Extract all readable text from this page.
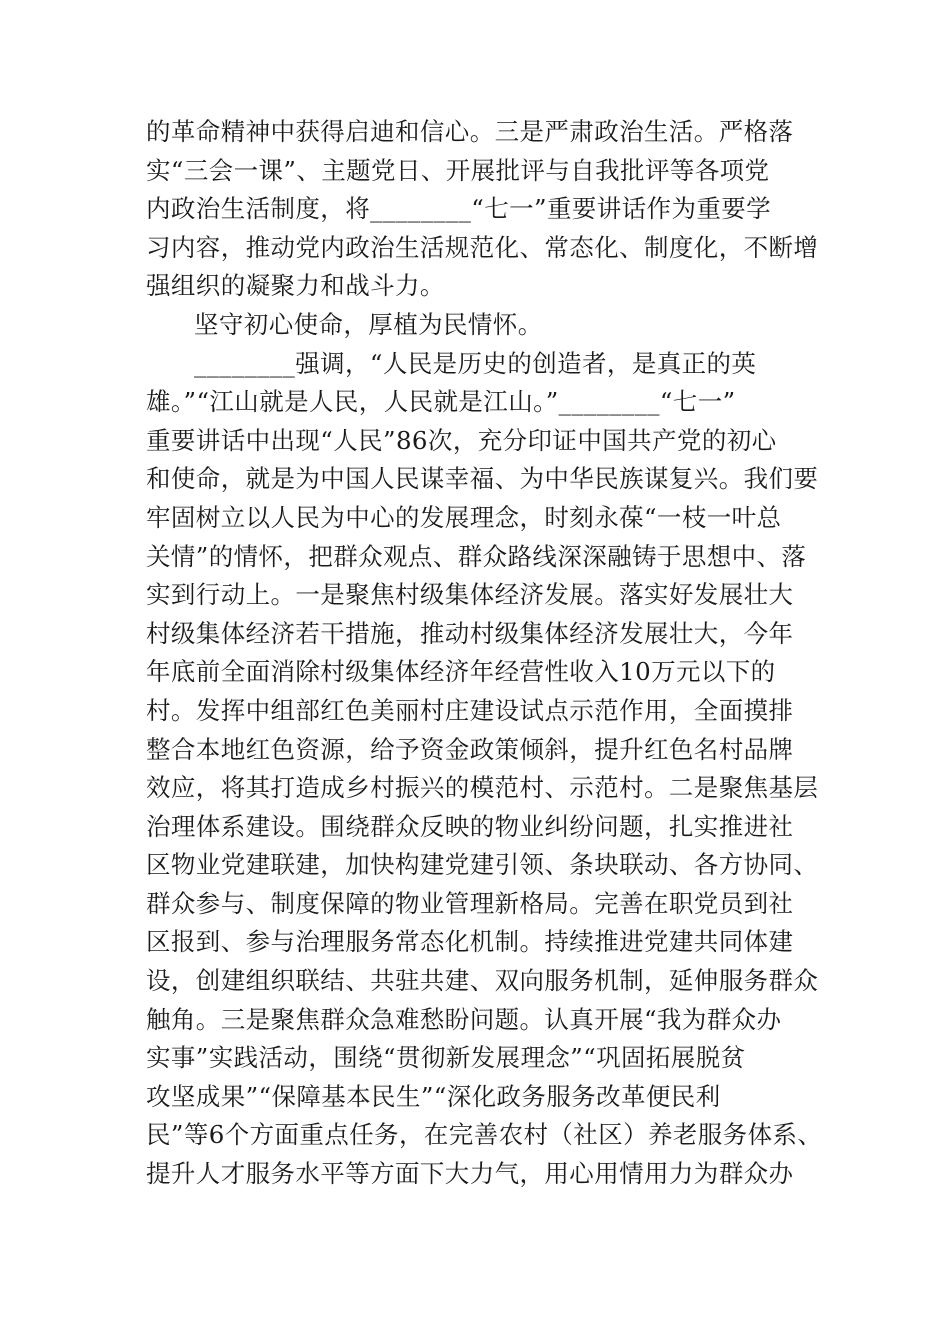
的革命精神中获得启迪和信心。三是严肃政治生活。严格落
实“三会一课”、主题党日、开展批评与自我批评等各项党
内政治生活制度，将________“七一”重要讲话作为重要学
习内容，推动党内政治生活规范化、常态化、制度化，不断增
强组织的凝聚力和战斗力。
坚守初心使命，厚植为民情怀。
________强调，“人民是历史的创造者，是真正的英
雄。”“江山就是人民，人民就是江山。”________“七一”
重要讲话中出现“人民”86次，充分印证中国共产党的初心
和使命，就是为中国人民谋幸福、为中华民族谋复兴。我们要
牢固树立以人民为中心的发展理念，时刻永葆“一枝一叶总
关情”的情怀，把群众观点、群众路线深深融铸于思想中、落
实到行动上。一是聚焦村级集体经济发展。落实好发展壮大
村级集体经济若干措施，推动村级集体经济发展壮大，今年
年底前全面消除村级集体经济年经营性收入10万元以下的
村。发挥中组部红色美丽村庄建设试点示范作用，全面摸排
整合本地红色资源，给予资金政策倾斜，提升红色名村品牌
效应，将其打造成乡村振兴的模范村、示范村。二是聚焦基层
治理体系建设。围绕群众反映的物业纠纷问题，扎实推进社
区物业党建联建，加快构建党建引领、条块联动、各方协同、
群众参与、制度保障的物业管理新格局。完善在职党员到社
区报到、参与治理服务常态化机制。持续推进党建共同体建
设，创建组织联结、共驻共建、双向服务机制，延伸服务群众
触角。三是聚焦群众急难愁盼问题。认真开展“我为群众办
实事”实践活动，围绕“贯彻新发展理念”“巩固拓展脱贫
攻坚成果”“保障基本民生”“深化政务服务改革便民利
民”等6个方面重点任务，在完善农村（社区）养老服务体系、
提升人才服务水平等方面下大力气，用心用情用力为群众办
